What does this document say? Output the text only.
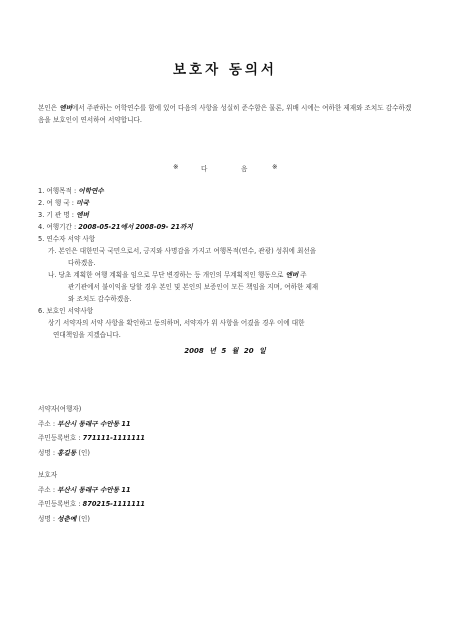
보호자 동의서
본인은 엔버에서 주관하는 어학연수를 함에 있어 다음의 사항을 성실히 준수함은 물론, 위배 시에는 여하한 제재와 조치도 감수하겠음을 보호인이 연서하여 서약합니다.
※	다	음	※
1. 여행목적 : 어학연수
2. 여 행 국 : 미국
3. 기 관 명 : 엔버
4. 여행기간 : 2008-05-21에서 2008-09- 21까지
5. 연수자 서약 사항
가. 본인은 대한민국 국민으로서, 긍지와 사명감을 가지고 여행목적(연수, 관광) 성취에 최선을
다하겠음.
나. 당초 계획한 여행 계획을 임으로 무단 변경하는 등 개인의 무계획적인 행동으로 엔버 주
관기관에서 불이익을 당할 경우 본인 및 본인의 보증인이 모든 책임을 지며, 여하한 제재
와 조치도 감수하겠음.
6. 보호인 서약사항
상기 서약자의 서약 사항을 확인하고 동의하며, 서약자가 위 사항을 어겼을 경우 이에 대한
연대책임을 지겠습니다.
2008 년 5 월 20 일
서약자(여행자)
주소 : 부산시 동래구 수안동 11
주민등록번호 : 771111-1111111
성명 : 홍길동 (인)
보호자
주소 : 부산시 동래구 수안동 11
주민등록번호 : 870215-1111111
성명 : 성춘예 (인)
